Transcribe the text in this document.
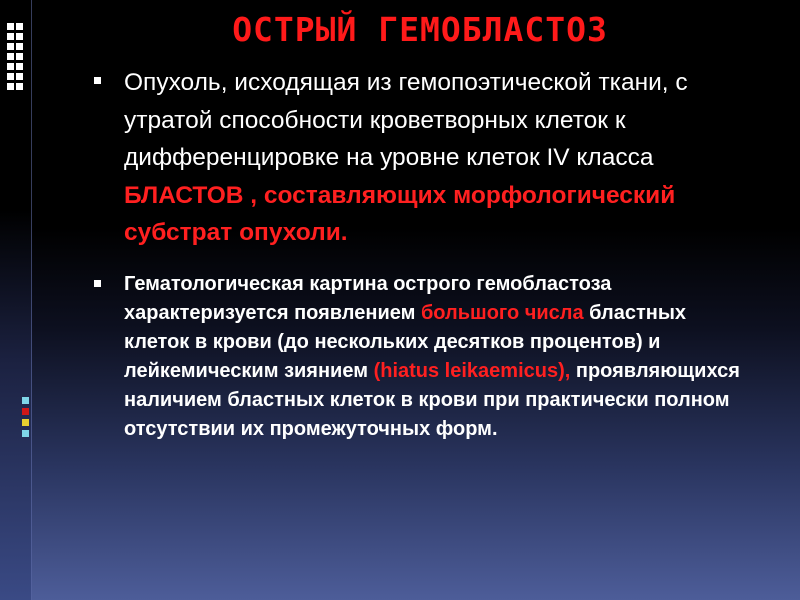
ОСТРЫЙ ГЕМОБЛАСТОЗ
Опухоль, исходящая из гемопоэтической ткани, с утратой способности кроветворных клеток к дифференцировке на уровне клеток IV класса БЛАСТОВ , составляющих морфологический субстрат опухоли.
Гематологическая картина острого гемобластоза характеризуется появлением большого числа бластных клеток в крови (до нескольких десятков процентов) и лейкемическим зиянием (hiatus leikaemicus), проявляющихся наличием бластных клеток в крови при практически полном отсутствии их промежуточных форм.
